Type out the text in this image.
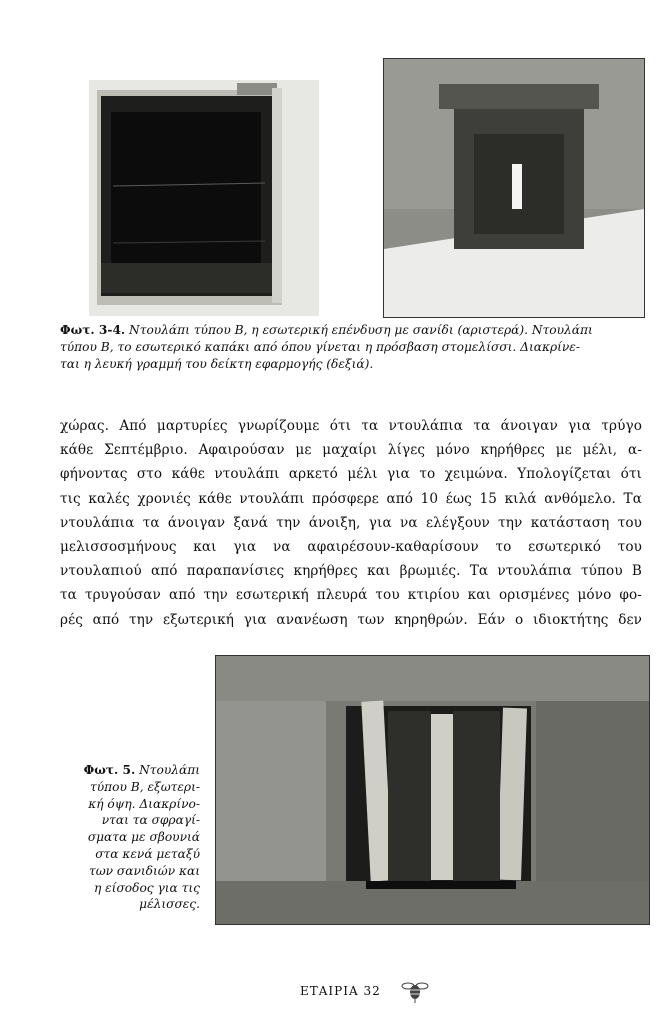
Φωτ. 3-4. Ντουλάπι τύπου Β, η εσωτερική επένδυση με σανίδι (αριστερά). Ντουλάπι
τύπου Β, το εσωτερικό καπάκι από όπου γίνεται η πρόσβαση στομελίσσι. Διακρίνε-
ται η λευκή γραμμή του δείκτη εφαρμογής (δεξιά).
χώρας. Από μαρτυρίες γνωρίζουμε ότι τα ντουλάπια τα άνοιγαν για τρύγο
κάθε Σεπτέμβριο. Αφαιρούσαν με μαχαίρι λίγες μόνο κηρήθρες με μέλι, α-
φήνοντας στο κάθε ντουλάπι αρκετό μέλι για το χειμώνα. Υπολογίζεται ότι
τις καλές χρονιές κάθε ντουλάπι πρόσφερε από 10 έως 15 κιλά ανθόμελο. Τα
ντουλάπια τα άνοιγαν ξανά την άνοιξη, για να ελέγξουν την κατάσταση του
μελισσοσμήνους και για να αφαιρέσουν-καθαρίσουν το εσωτερικό του
ντουλαπιού από παραπανίσιες κηρήθρες και βρωμιές. Τα ντουλάπια τύπου Β
τα τρυγούσαν από την εσωτερική πλευρά του κτιρίου και ορισμένες μόνο φο-
ρές από την εξωτερική για ανανέωση των κηρηθρών. Εάν ο ιδιοκτήτης δεν
Φωτ. 5. Ντουλάπι
τύπου Β, εξωτερι-
κή όψη. Διακρίνο-
νται τα σφραγί-
σματα με σβουνιά
στα κενά μεταξύ
των σανιδιών και
η είσοδος για τις
μέλισσες.
ΕΤΑΙΡΙΑ 32
